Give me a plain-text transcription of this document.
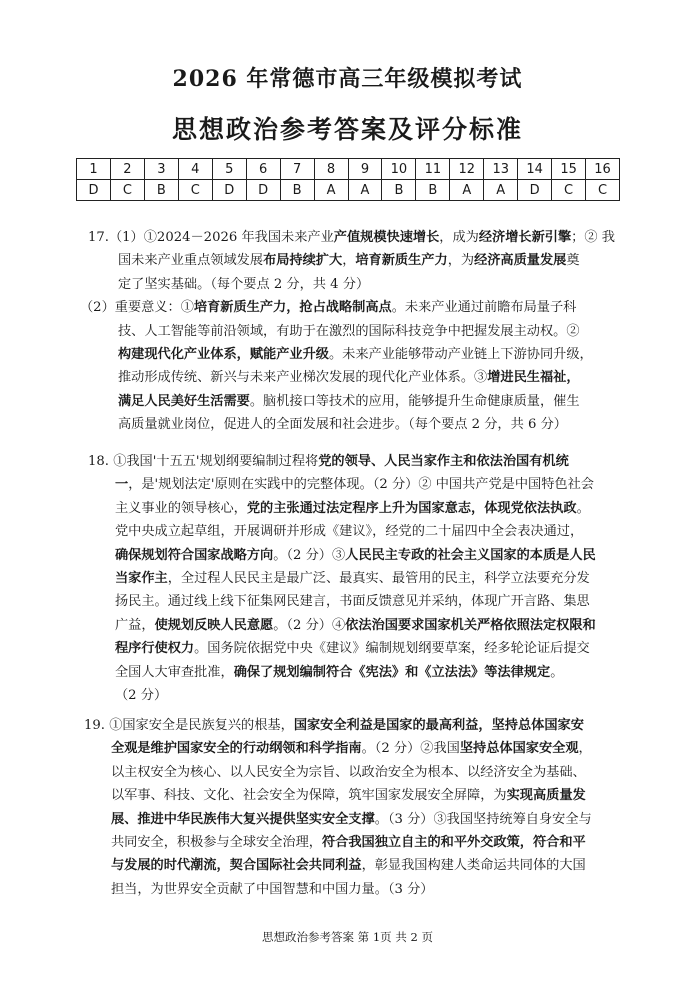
2026 年常德市高三年级模拟考试
思想政治参考答案及评分标准
1	2	3	4	5	6	7	8	9	10	11	12	13	14	15	16
D	C	B	C	D	D	B	A	A	B	B	A	A	D	C	C

17.（1）①2024－2026 年我国未来产业产值规模快速增长，成为经济增长新引擎；② 我

国未来产业重点领域发展布局持续扩大，培育新质生产力，为经济高质量发展奠

定了坚实基础。（每个要点 2 分，共 4 分）

（2）重要意义：①培育新质生产力，抢占战略制高点。未来产业通过前瞻布局量子科

技、人工智能等前沿领域，有助于在激烈的国际科技竞争中把握发展主动权。②

构建现代化产业体系，赋能产业升级。未来产业能够带动产业链上下游协同升级，

推动形成传统、新兴与未来产业梯次发展的现代化产业体系。③增进民生福祉，

满足人民美好生活需要。脑机接口等技术的应用，能够提升生命健康质量，催生

高质量就业岗位，促进人的全面发展和社会进步。（每个要点 2 分，共 6 分）

18. ①我国'十五五'规划纲要编制过程将党的领导、人民当家作主和依法治国有机统

一，是'规划法定'原则在实践中的完整体现。（2 分）② 中国共产党是中国特色社会

主义事业的领导核心，党的主张通过法定程序上升为国家意志，体现党依法执政。

党中央成立起草组，开展调研并形成《建议》，经党的二十届四中全会表决通过，

确保规划符合国家战略方向。（2 分）③人民民主专政的社会主义国家的本质是人民

当家作主，全过程人民民主是最广泛、最真实、最管用的民主，科学立法要充分发

扬民主。通过线上线下征集网民建言，书面反馈意见并采纳，体现广开言路、集思

广益，使规划反映人民意愿。（2 分）④依法治国要求国家机关严格依照法定权限和

程序行使权力。国务院依据党中央《建议》编制规划纲要草案，经多轮论证后提交

全国人大审查批准，确保了规划编制符合《宪法》和《立法法》等法律规定。

（2 分）

19. ①国家安全是民族复兴的根基，国家安全利益是国家的最高利益，坚持总体国家安

全观是维护国家安全的行动纲领和科学指南。（2 分）②我国坚持总体国家安全观，

以主权安全为核心、以人民安全为宗旨、以政治安全为根本、以经济安全为基础、

以军事、科技、文化、社会安全为保障，筑牢国家发展安全屏障，为实现高质量发

展、推进中华民族伟大复兴提供坚实安全支撑。（3 分）③我国坚持统筹自身安全与

共同安全，积极参与全球安全治理，符合我国独立自主的和平外交政策，符合和平

与发展的时代潮流，契合国际社会共同利益，彰显我国构建人类命运共同体的大国

担当，为世界安全贡献了中国智慧和中国力量。（3 分）

思想政治参考答案 第 1页 共 2 页
